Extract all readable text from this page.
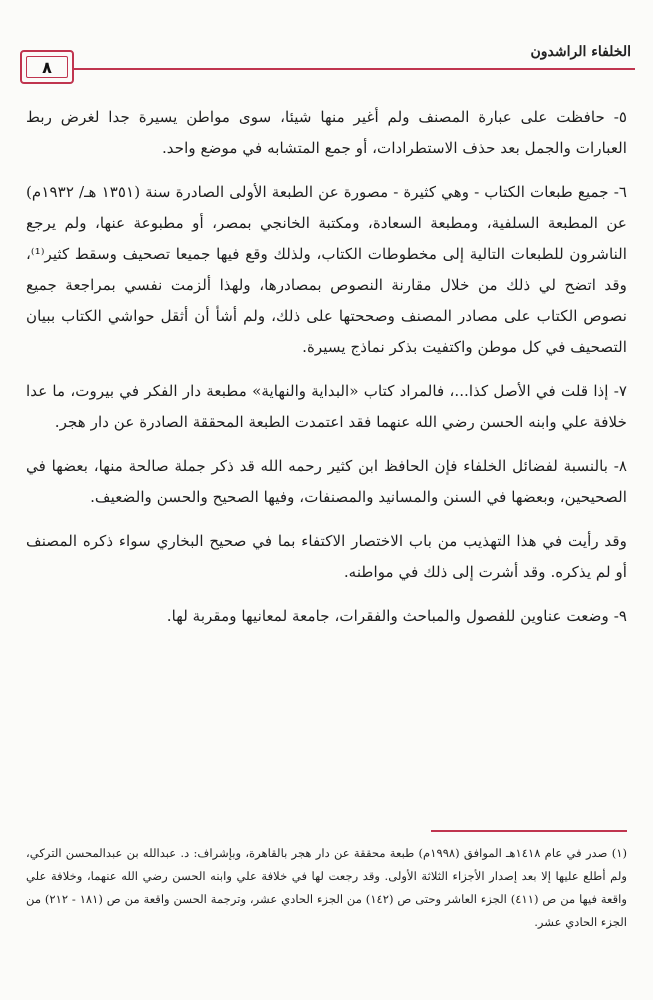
الخلفاء الراشدون
٨

٥- حافظت على عبارة المصنف ولم أغير منها شيئا، سوى مواطن يسيرة جدا لغرض ربط العبارات والجمل بعد حذف الاستطرادات، أو جمع المتشابه في موضع واحد.

٦- جميع طبعات الكتاب - وهي كثيرة - مصورة عن الطبعة الأولى الصادرة سنة (١٣٥١ هـ/ ١٩٣٢م) عن المطبعة السلفية، ومطبعة السعادة، ومكتبة الخانجي بمصر، أو مطبوعة عنها، ولم يرجع الناشرون للطبعات التالية إلى مخطوطات الكتاب، ولذلك وقع فيها جميعا تصحيف وسقط كثير⁽¹⁾، وقد اتضح لي ذلك من خلال مقارنة النصوص بمصادرها، ولهذا ألزمت نفسي بمراجعة جميع نصوص الكتاب على مصادر المصنف وصححتها على ذلك، ولم أشأ أن أثقل حواشي الكتاب ببيان التصحيف في كل موطن واكتفيت بذكر نماذج يسيرة.

٧- إذا قلت في الأصل كذا...، فالمراد كتاب «البداية والنهاية» مطبعة دار الفكر في بيروت، ما عدا خلافة علي وابنه الحسن رضي الله عنهما فقد اعتمدت الطبعة المحققة الصادرة عن دار هجر.

٨- بالنسبة لفضائل الخلفاء فإن الحافظ ابن كثير رحمه الله قد ذكر جملة صالحة منها، بعضها في الصحيحين، وبعضها في السنن والمسانيد والمصنفات، وفيها الصحيح والحسن والضعيف.

وقد رأيت في هذا التهذيب من باب الاختصار الاكتفاء بما في صحيح البخاري سواء ذكره المصنف أو لم يذكره. وقد أشرت إلى ذلك في مواطنه.

٩- وضعت عناوين للفصول والمباحث والفقرات، جامعة لمعانيها ومقربة لها.

(١) صدر في عام ١٤١٨هـ الموافق (١٩٩٨م) طبعة محققة عن دار هجر بالقاهرة، وبإشراف: د. عبدالله بن عبدالمحسن التركي، ولم أطلع عليها إلا بعد إصدار الأجزاء الثلاثة الأولى. وقد رجعت لها في خلافة علي وابنه الحسن رضي الله عنهما، وخلافة علي واقعة فيها من ص (٤١١) الجزء العاشر وحتى ص (١٤٢) من الجزء الحادي عشر، وترجمة الحسن واقعة من ص (١٨١ - ٢١٢) من الجزء الحادي عشر.
